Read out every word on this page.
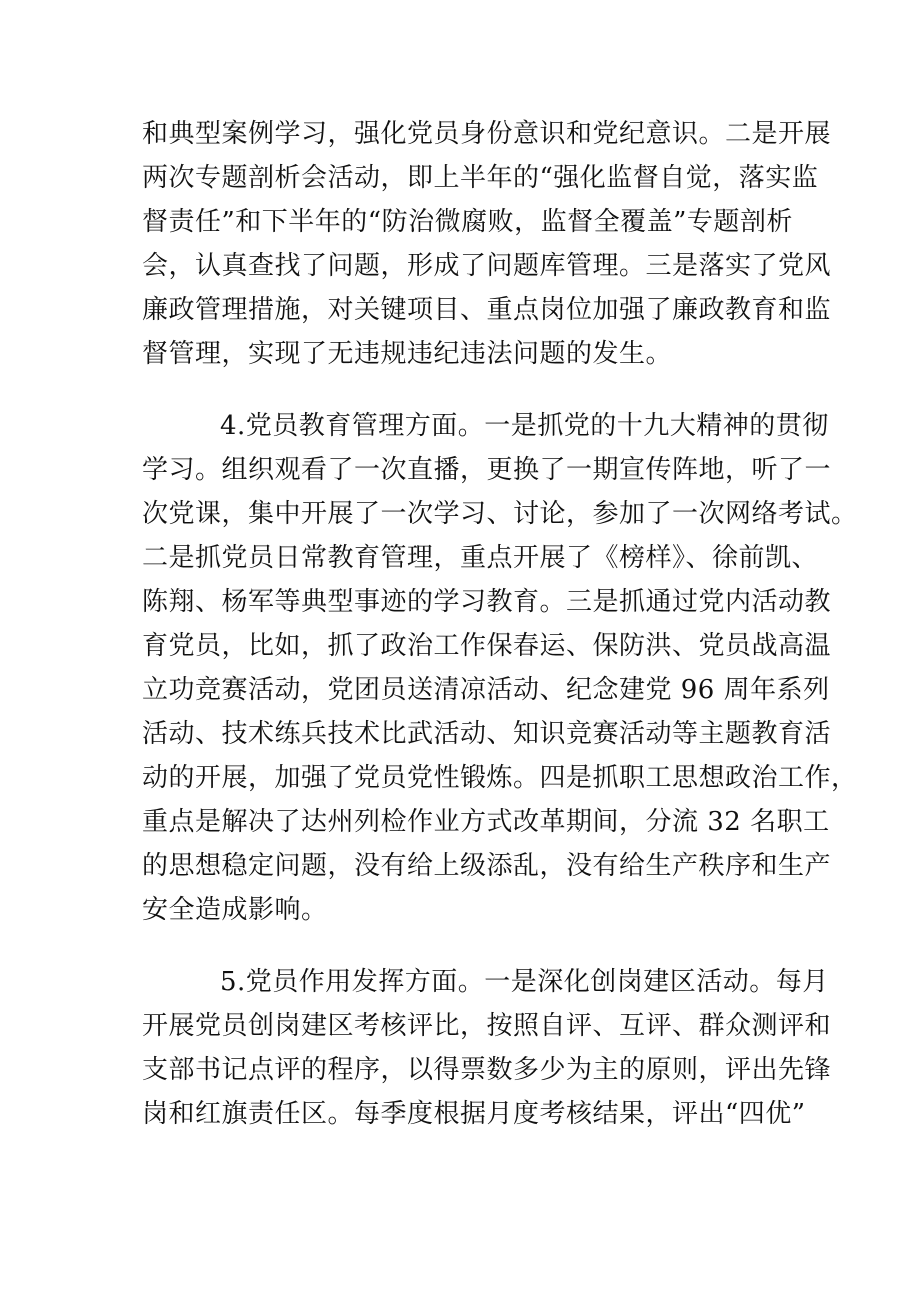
和典型案例学习，强化党员身份意识和党纪意识。二是开展
两次专题剖析会活动，即上半年的“强化监督自觉，落实监
督责任”和下半年的“防治微腐败，监督全覆盖”专题剖析
会，认真查找了问题，形成了问题库管理。三是落实了党风
廉政管理措施，对关键项目、重点岗位加强了廉政教育和监
督管理，实现了无违规违纪违法问题的发生。
4.党员教育管理方面。一是抓党的十九大精神的贯彻
学习。组织观看了一次直播，更换了一期宣传阵地，听了一
次党课，集中开展了一次学习、讨论，参加了一次网络考试。
二是抓党员日常教育管理，重点开展了《榜样》、徐前凯、
陈翔、杨军等典型事迹的学习教育。三是抓通过党内活动教
育党员，比如，抓了政治工作保春运、保防洪、党员战高温
立功竞赛活动，党团员送清凉活动、纪念建党 96 周年系列
活动、技术练兵技术比武活动、知识竞赛活动等主题教育活
动的开展，加强了党员党性锻炼。四是抓职工思想政治工作，
重点是解决了达州列检作业方式改革期间，分流 32 名职工
的思想稳定问题，没有给上级添乱，没有给生产秩序和生产
安全造成影响。
5.党员作用发挥方面。一是深化创岗建区活动。每月
开展党员创岗建区考核评比，按照自评、互评、群众测评和
支部书记点评的程序，以得票数多少为主的原则，评出先锋
岗和红旗责任区。每季度根据月度考核结果，评出“四优”
